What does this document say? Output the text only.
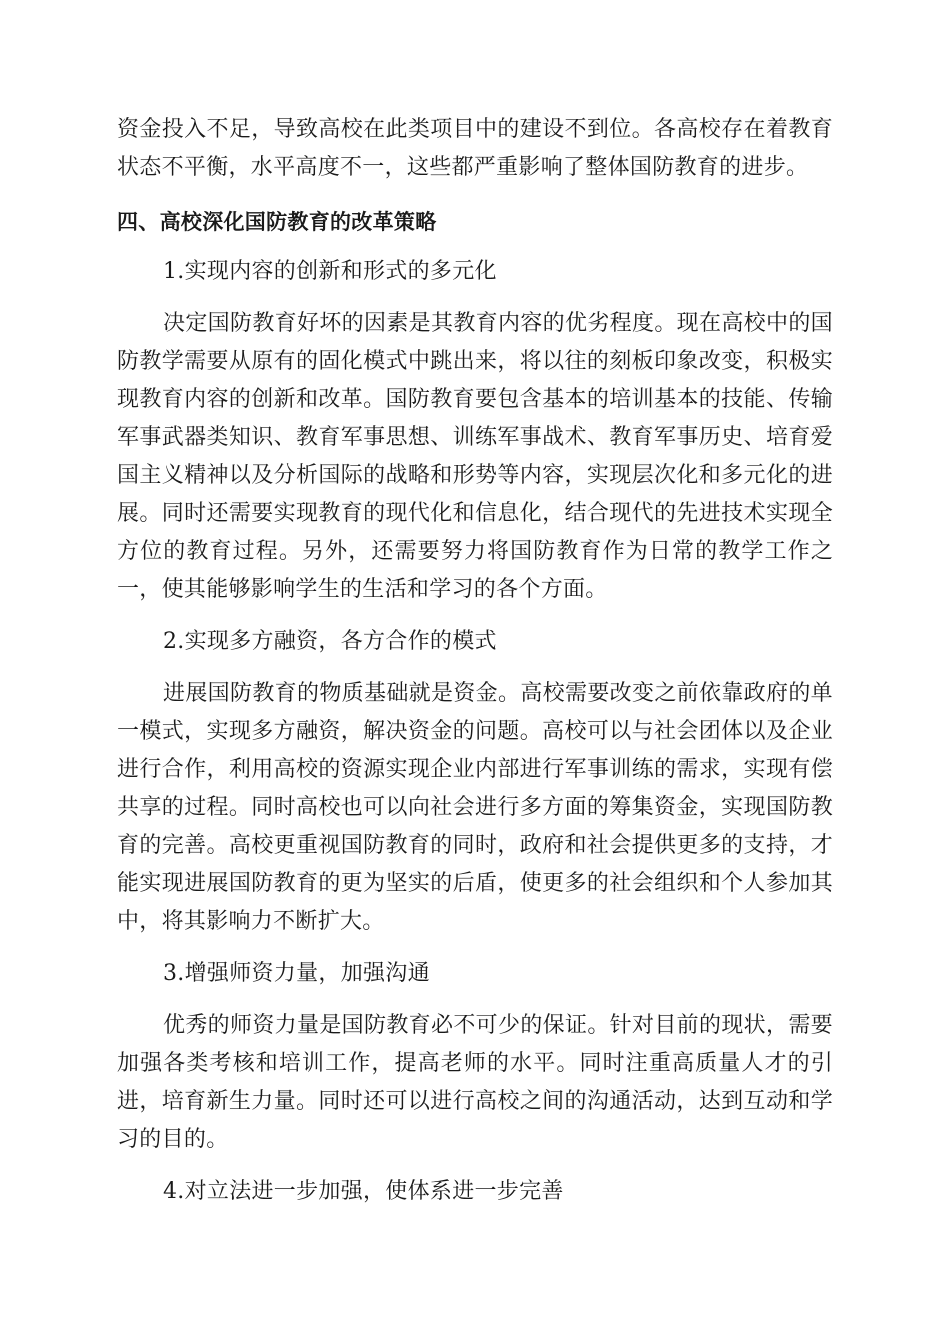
资金投入不足，导致高校在此类项目中的建设不到位。各高校存在着教育状态不平衡，水平高度不一，这些都严重影响了整体国防教育的进步。

四、高校深化国防教育的改革策略

1.实现内容的创新和形式的多元化

决定国防教育好坏的因素是其教育内容的优劣程度。现在高校中的国防教学需要从原有的固化模式中跳出来，将以往的刻板印象改变，积极实现教育内容的创新和改革。国防教育要包含基本的培训基本的技能、传输军事武器类知识、教育军事思想、训练军事战术、教育军事历史、培育爱国主义精神以及分析国际的战略和形势等内容，实现层次化和多元化的进展。同时还需要实现教育的现代化和信息化，结合现代的先进技术实现全方位的教育过程。另外，还需要努力将国防教育作为日常的教学工作之一，使其能够影响学生的生活和学习的各个方面。

2.实现多方融资，各方合作的模式

进展国防教育的物质基础就是资金。高校需要改变之前依靠政府的单一模式，实现多方融资，解决资金的问题。高校可以与社会团体以及企业进行合作，利用高校的资源实现企业内部进行军事训练的需求，实现有偿共享的过程。同时高校也可以向社会进行多方面的筹集资金，实现国防教育的完善。高校更重视国防教育的同时，政府和社会提供更多的支持，才能实现进展国防教育的更为坚实的后盾，使更多的社会组织和个人参加其中，将其影响力不断扩大。

3.增强师资力量，加强沟通

优秀的师资力量是国防教育必不可少的保证。针对目前的现状，需要加强各类考核和培训工作，提高老师的水平。同时注重高质量人才的引进，培育新生力量。同时还可以进行高校之间的沟通活动，达到互动和学习的目的。

4.对立法进一步加强，使体系进一步完善
